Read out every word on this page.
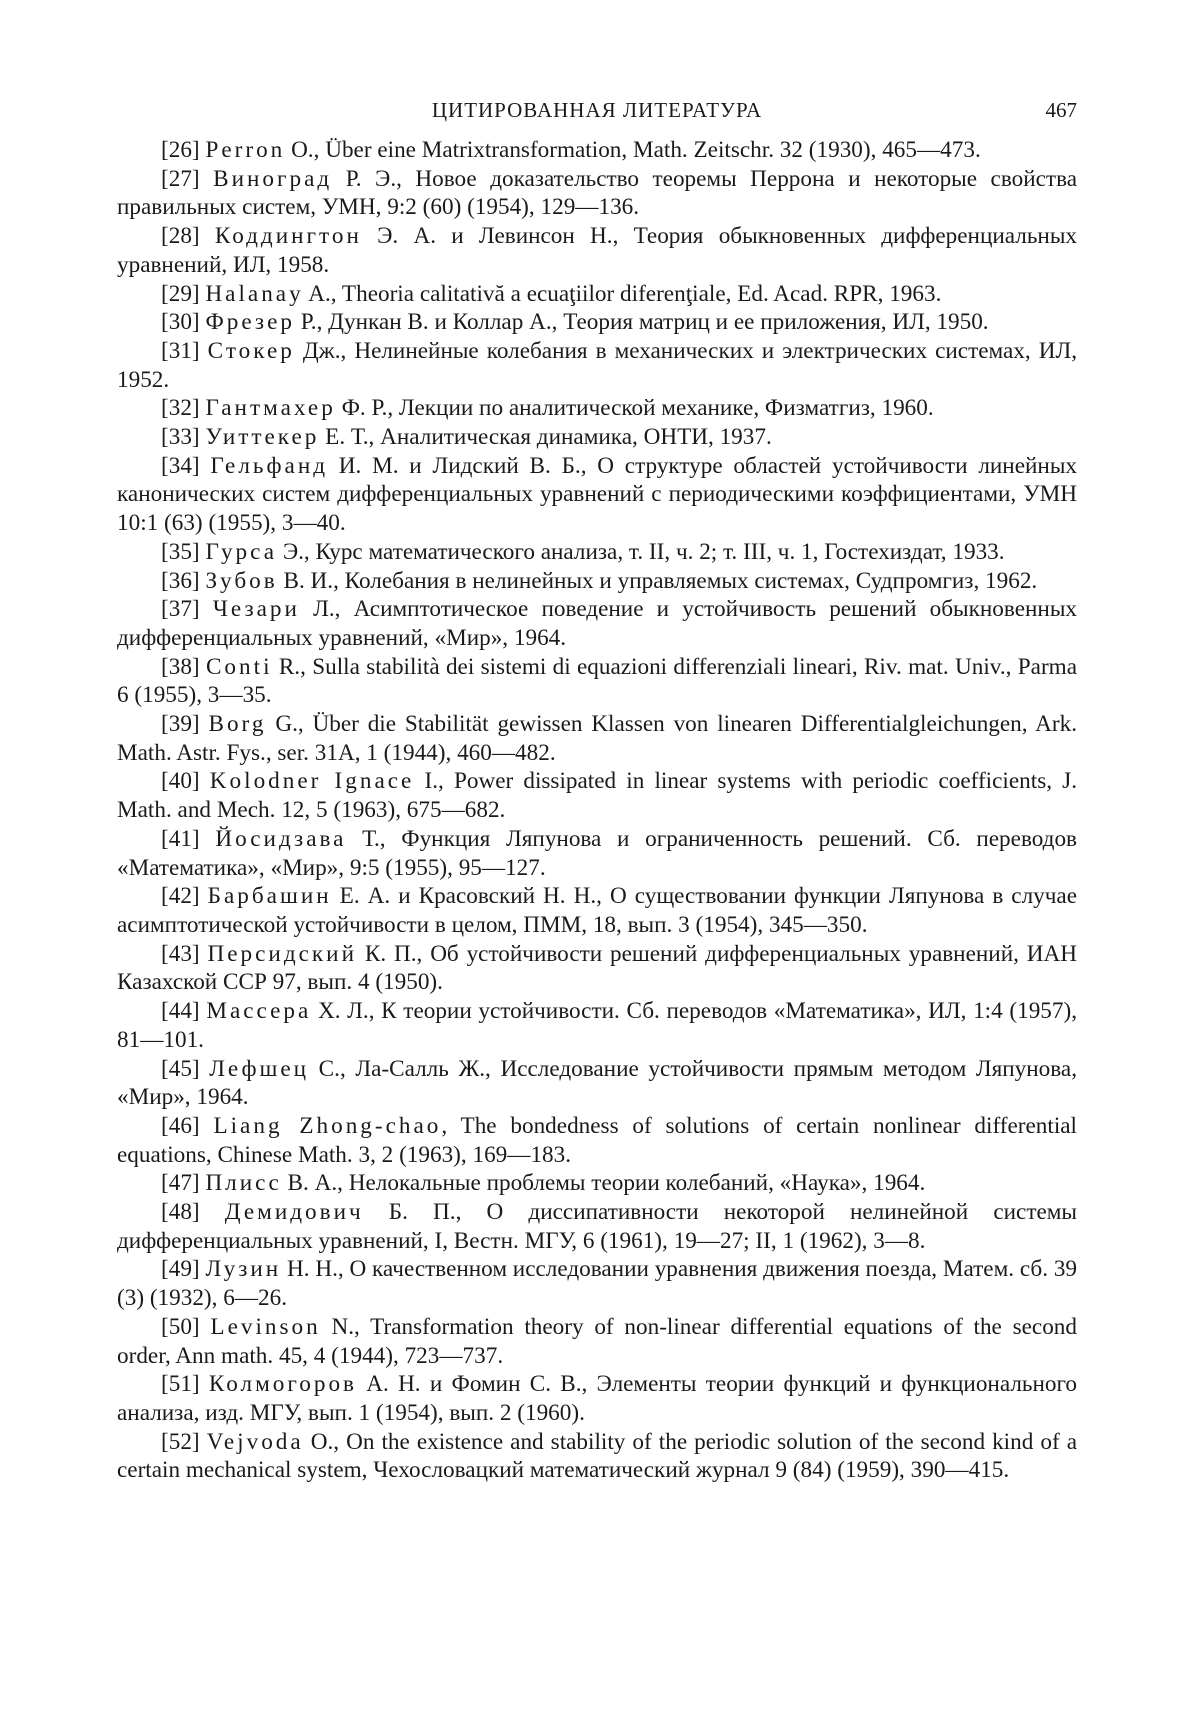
ЦИТИРОВАННАЯ ЛИТЕРАТУРА	467

[26] Perron O., Über eine Matrixtransformation, Math. Zeitschr. 32 (1930), 465—473.

[27] Виноград Р. Э., Новое доказательство теоремы Перрона и некоторые свойства правильных систем, УМН, 9:2 (60) (1954), 129—136.

[28] Коддингтон Э. А. и Левинсон Н., Теория обыкновенных дифференциальных уравнений, ИЛ, 1958.

[29] Halanay A., Theoria calitativă a ecuaţiilor diferenţiale, Ed. Acad. RPR, 1963.

[30] Фрезер Р., Дункан В. и Коллар А., Теория матриц и ее приложения, ИЛ, 1950.

[31] Стокер Дж., Нелинейные колебания в механических и электрических системах, ИЛ, 1952.

[32] Гантмахер Ф. Р., Лекции по аналитической механике, Физматгиз, 1960.

[33] Уиттекер Е. Т., Аналитическая динамика, ОНТИ, 1937.

[34] Гельфанд И. М. и Лидский В. Б., О структуре областей устойчивости линейных канонических систем дифференциальных уравнений с периодическими коэффициентами, УМН 10:1 (63) (1955), 3—40.

[35] Гурса Э., Курс математического анализа, т. II, ч. 2; т. III, ч. 1, Гостехиздат, 1933.

[36] Зубов В. И., Колебания в нелинейных и управляемых системах, Судпромгиз, 1962.

[37] Чезари Л., Асимптотическое поведение и устойчивость решений обыкновенных дифференциальных уравнений, «Мир», 1964.

[38] Conti R., Sulla stabilità dei sistemi di equazioni differenziali lineari, Riv. mat. Univ., Parma 6 (1955), 3—35.

[39] Borg G., Über die Stabilität gewissen Klassen von linearen Differentialgleichungen, Ark. Math. Astr. Fys., ser. 31A, 1 (1944), 460—482.

[40] Kolodner Ignace I., Power dissipated in linear systems with periodic coefficients, J. Math. and Mech. 12, 5 (1963), 675—682.

[41] Йосидзава Т., Функция Ляпунова и ограниченность решений. Сб. переводов «Математика», «Мир», 9:5 (1955), 95—127.

[42] Барбашин Е. А. и Красовский Н. Н., О существовании функции Ляпунова в случае асимптотической устойчивости в целом, ПММ, 18, вып. 3 (1954), 345—350.

[43] Персидский К. П., Об устойчивости решений дифференциальных уравнений, ИАН Казахской ССР 97, вып. 4 (1950).

[44] Массера Х. Л., К теории устойчивости. Сб. переводов «Математика», ИЛ, 1:4 (1957), 81—101.

[45] Лефшец С., Ла-Салль Ж., Исследование устойчивости прямым методом Ляпунова, «Мир», 1964.

[46] Liang Zhong-chao, The bondedness of solutions of certain nonlinear differential equations, Chinese Math. 3, 2 (1963), 169—183.

[47] Плисс В. А., Нелокальные проблемы теории колебаний, «Наука», 1964.

[48] Демидович Б. П., О диссипативности некоторой нелинейной системы дифференциальных уравнений, I, Вестн. МГУ, 6 (1961), 19—27; II, 1 (1962), 3—8.

[49] Лузин Н. Н., О качественном исследовании уравнения движения поезда, Матем. сб. 39 (3) (1932), 6—26.

[50] Levinson N., Transformation theory of non-linear differential equations of the second order, Ann math. 45, 4 (1944), 723—737.

[51] Колмогоров А. Н. и Фомин С. В., Элементы теории функций и функционального анализа, изд. МГУ, вып. 1 (1954), вып. 2 (1960).

[52] Vejvoda O., On the existence and stability of the periodic solution of the second kind of a certain mechanical system, Чехословацкий математический журнал 9 (84) (1959), 390—415.
